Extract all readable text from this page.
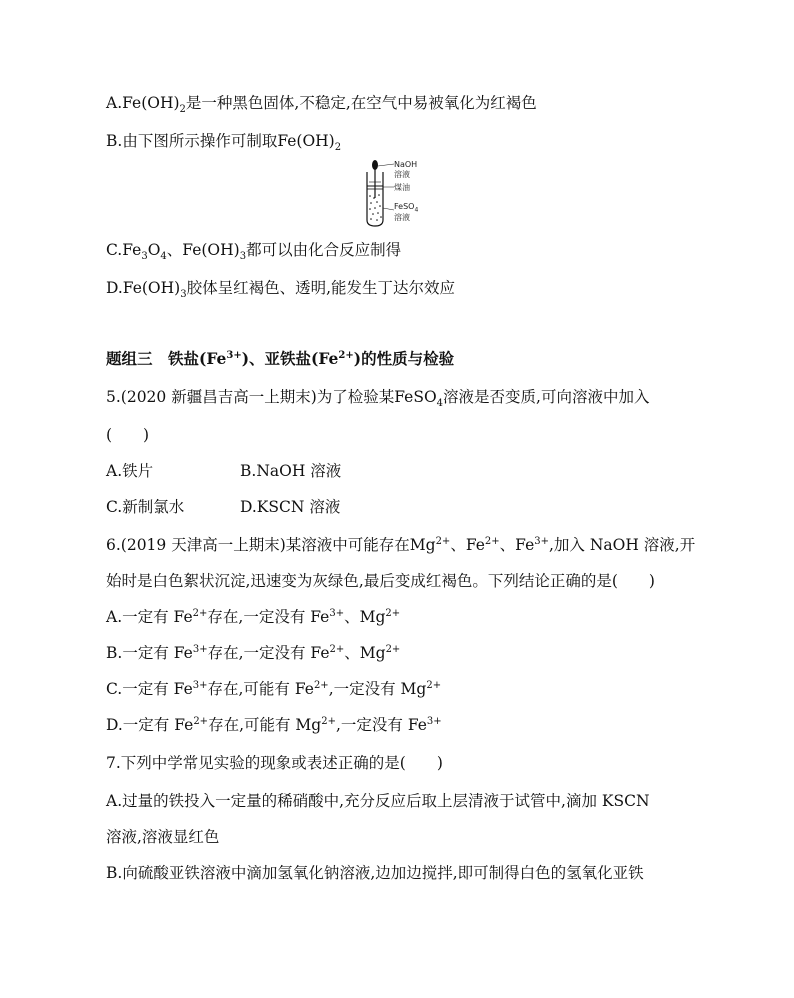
$A.Fe(OH)_2$是一种黑色固体,不稳定,在空气中易被氧化为红褐色
B.由下图所示操作可制取$Fe(OH)_2$
NaOH
溶液
煤油
FeSO$_4$
溶液
$C.Fe_3O_4$、$Fe(OH)_3$都可以由化合反应制得
$D.Fe(OH)_3$胶体呈红褐色、透明,能发生丁达尔效应
题组三　铁盐$(Fe^{3+})$、亚铁盐$(Fe^{2+})$的性质与检验
5.(2020 新疆昌吉高一上期末)为了检验某FeSO$_4$溶液是否变质,可向溶液中加入
(　　)
A.铁片	B.NaOH 溶液
C.新制氯水	D.KSCN 溶液
6.(2019 天津高一上期末)某溶液中可能存在$Mg^{2+}$、$Fe^{2+}$、$Fe^{3+}$,加入 NaOH 溶液,开
始时是白色絮状沉淀,迅速变为灰绿色,最后变成红褐色。下列结论正确的是(　　)
A.一定有 $Fe^{2+}$存在,一定没有 $Fe^{3+}$、$Mg^{2+}$
B.一定有 $Fe^{3+}$存在,一定没有 $Fe^{2+}$、$Mg^{2+}$
C.一定有 $Fe^{3+}$存在,可能有 $Fe^{2+}$,一定没有 $Mg^{2+}$
D.一定有 $Fe^{2+}$存在,可能有 $Mg^{2+}$,一定没有 $Fe^{3+}$
7.下列中学常见实验的现象或表述正确的是(　　)
A.过量的铁投入一定量的稀硝酸中,充分反应后取上层清液于试管中,滴加 KSCN
溶液,溶液显红色
B.向硫酸亚铁溶液中滴加氢氧化钠溶液,边加边搅拌,即可制得白色的氢氧化亚铁
